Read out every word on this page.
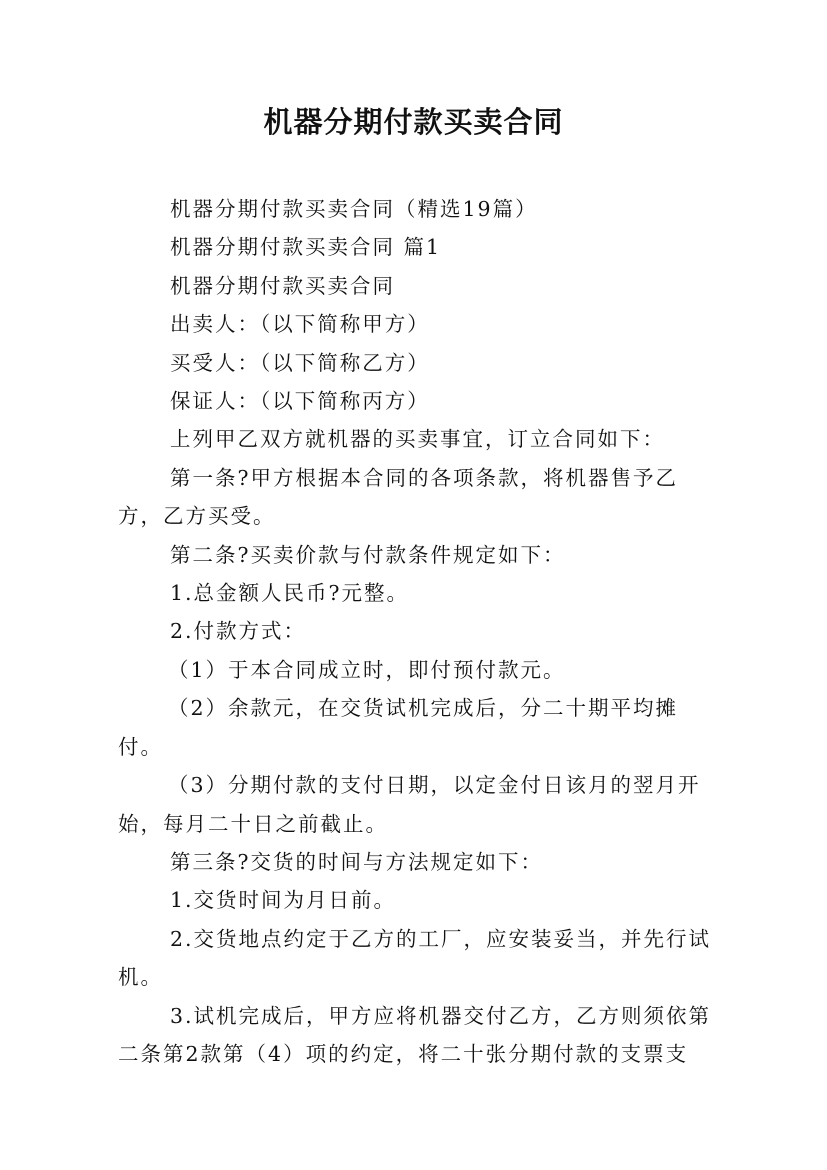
机器分期付款买卖合同

机器分期付款买卖合同（精选19篇）

机器分期付款买卖合同 篇1

机器分期付款买卖合同

出卖人：（以下简称甲方）

买受人：（以下简称乙方）

保证人：（以下简称丙方）

上列甲乙双方就机器的买卖事宜，订立合同如下：

第一条?甲方根据本合同的各项条款，将机器售予乙方，乙方买受。

第二条?买卖价款与付款条件规定如下：

1.总金额人民币?元整。

2.付款方式：

（1）于本合同成立时，即付预付款元。

（2）余款元，在交货试机完成后，分二十期平均摊付。

（3）分期付款的支付日期，以定金付日该月的翌月开始，每月二十日之前截止。

第三条?交货的时间与方法规定如下：

1.交货时间为月日前。

2.交货地点约定于乙方的工厂，应安装妥当，并先行试机。

3.试机完成后，甲方应将机器交付乙方，乙方则须依第二条第2款第（4）项的约定，将二十张分期付款的支票支
